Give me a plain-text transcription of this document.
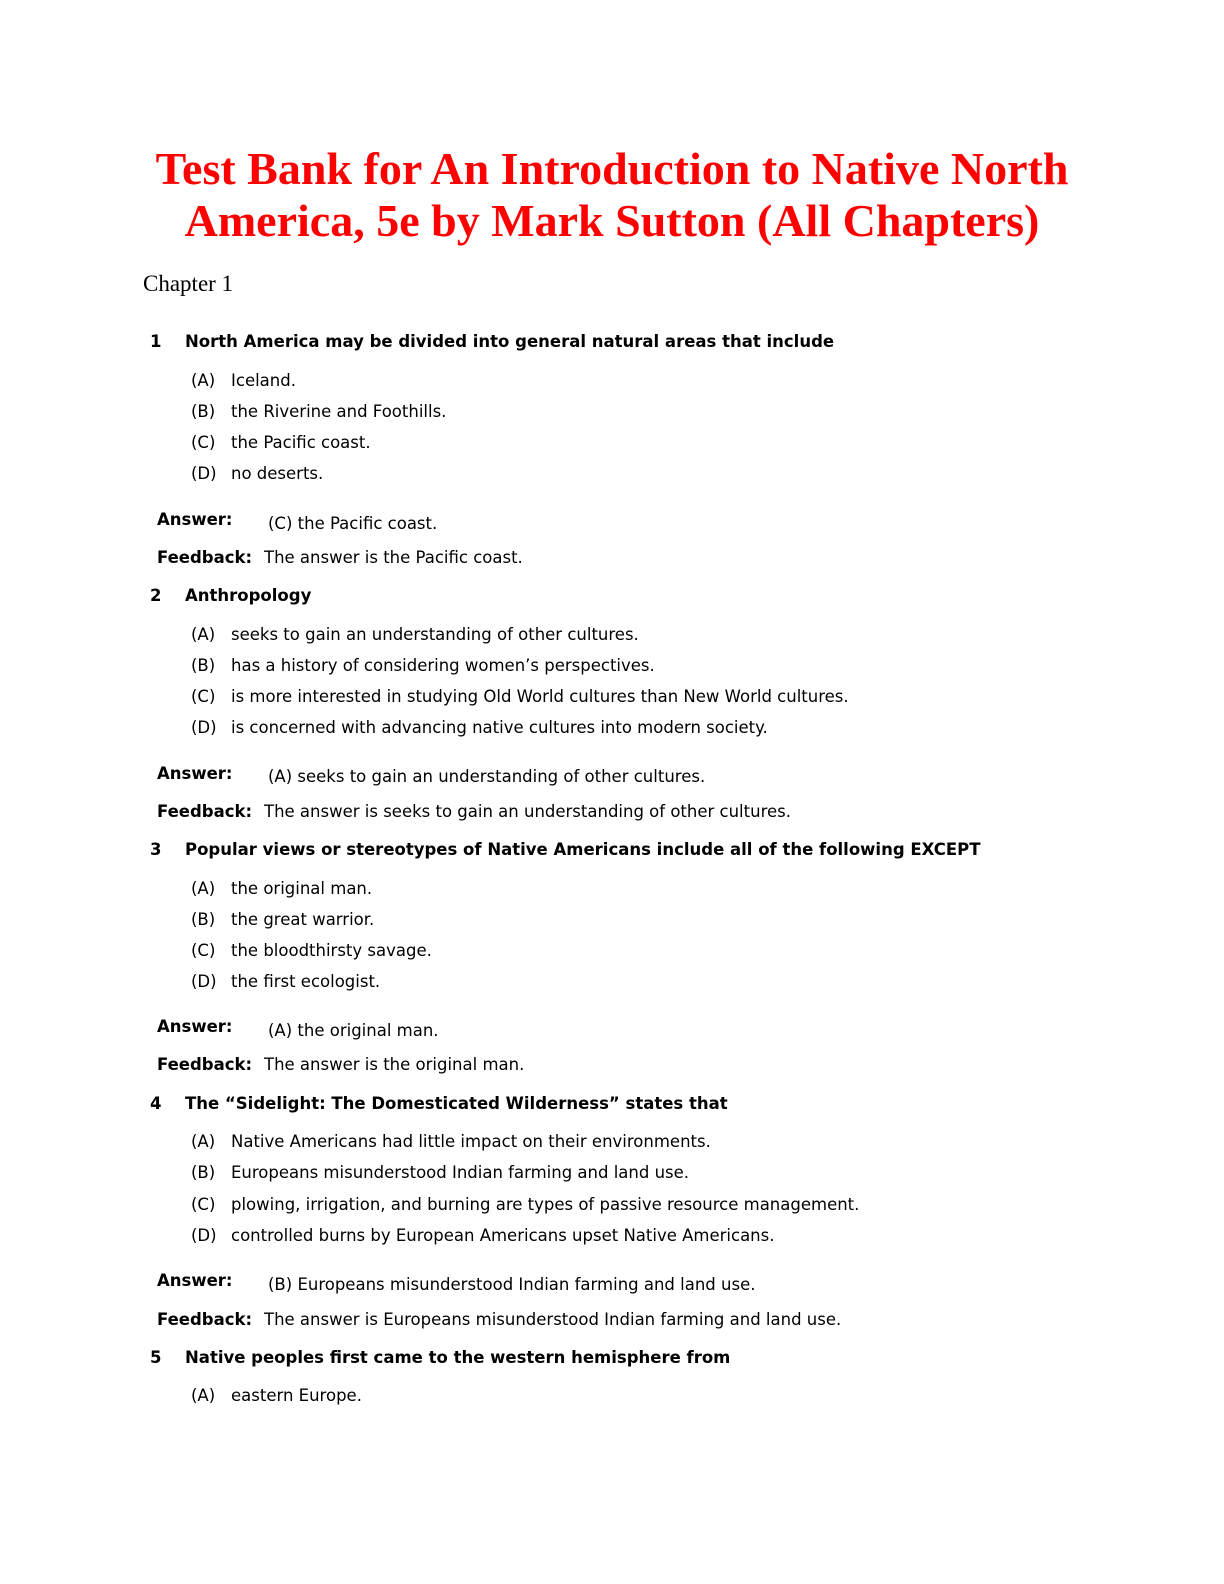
Test Bank for An Introduction to Native North
America, 5e by Mark Sutton (All Chapters)
Chapter 1
1 North America may be divided into general natural areas that include
(A) Iceland.
(B) the Riverine and Foothills.
(C) the Pacific coast.
(D) no deserts.
Answer: (C) the Pacific coast.
Feedback: The answer is the Pacific coast.
2 Anthropology
(A) seeks to gain an understanding of other cultures.
(B) has a history of considering women’s perspectives.
(C) is more interested in studying Old World cultures than New World cultures.
(D) is concerned with advancing native cultures into modern society.
Answer: (A) seeks to gain an understanding of other cultures.
Feedback: The answer is seeks to gain an understanding of other cultures.
3 Popular views or stereotypes of Native Americans include all of the following EXCEPT
(A) the original man.
(B) the great warrior.
(C) the bloodthirsty savage.
(D) the first ecologist.
Answer: (A) the original man.
Feedback: The answer is the original man.
4 The “Sidelight: The Domesticated Wilderness” states that
(A) Native Americans had little impact on their environments.
(B) Europeans misunderstood Indian farming and land use.
(C) plowing, irrigation, and burning are types of passive resource management.
(D) controlled burns by European Americans upset Native Americans.
Answer: (B) Europeans misunderstood Indian farming and land use.
Feedback: The answer is Europeans misunderstood Indian farming and land use.
5 Native peoples first came to the western hemisphere from
(A) eastern Europe.
